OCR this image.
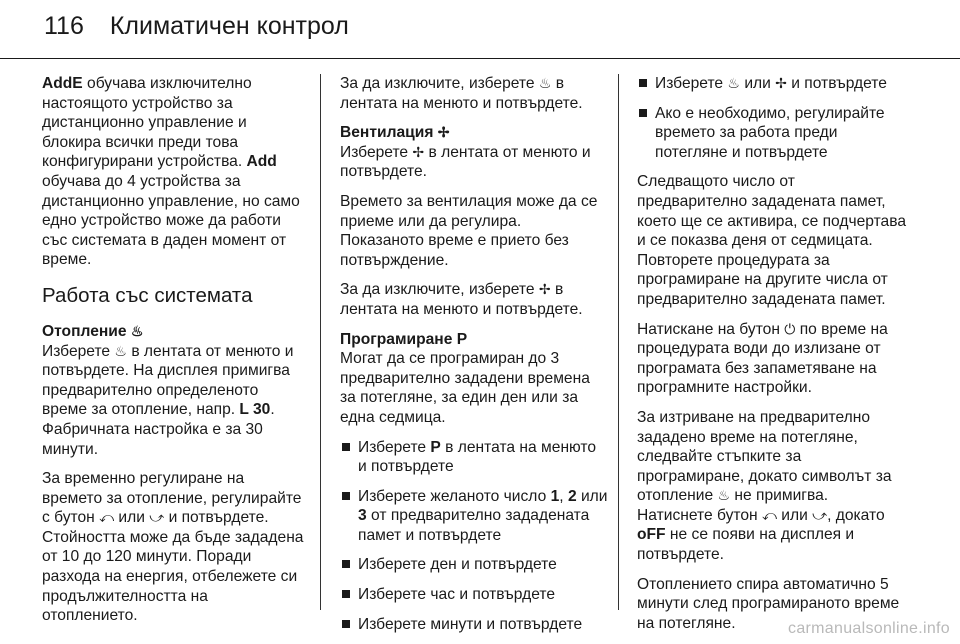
116 Климатичен контрол

AddE обучава изключително настоящото устройство за дистанционно управление и блокира всички преди това конфигурирани устройства. Add обучава до 4 устройства за дистанционно управление, но само едно устройство може да работи със системата в даден момент от време.

Работа със системата
Отопление ♨

Изберете ♨ в лентата от менюто и потвърдете. На дисплея примигва предварително определеното време за отопление, напр. L 30. Фабричната настройка е за 30 минути.

За временно регулиране на времето за отопление, регулирайте с бутон ⤺ или ⤻ и потвърдете. Стойността може да бъде зададена от 10 до 120 минути. Поради разхода на енергия, отбележете си продължителността на отоплението.

За да изключите, изберете ♨ в лентата на менюто и потвърдете.

Вентилация ✢

Изберете ✢ в лентата от менюто и потвърдете.

Времето за вентилация може да се приеме или да регулира.
Показаното време е прието без потвърждение.

За да изключите, изберете ✢ в лентата на менюто и потвърдете.

Програмиране P

Могат да се програмиран до 3 предварително зададени времена за потегляне, за един ден или за една седмица.

Изберете P в лентата на менюто и потвърдете
Изберете желаното число 1, 2 или 3 от предварително зададената памет и потвърдете
Изберете ден и потвърдете
Изберете час и потвърдете
Изберете минути и потвърдете
Изберете ♨ или ✢ и потвърдете
Ако е необходимо, регулирайте времето за работа преди потегляне и потвърдете

Следващото число от предварително зададената памет, което ще се активира, се подчертава и се показва деня от седмицата. Повторете процедурата за програмиране на другите числа от предварително зададената памет.

Натискане на бутон ⏻ по време на процедурата води до излизане от програмата без запаметяване на програмните настройки.

За изтриване на предварително зададено време на потегляне, следвайте стъпките за програмиране, докато символът за отопление ♨ не примигва.
Натиснете бутон ⤺ или ⤻, докато oFF не се появи на дисплея и потвърдете.

Отоплението спира автоматично 5 минути след програмираното време на потегляне.	carmanualsonline.info
